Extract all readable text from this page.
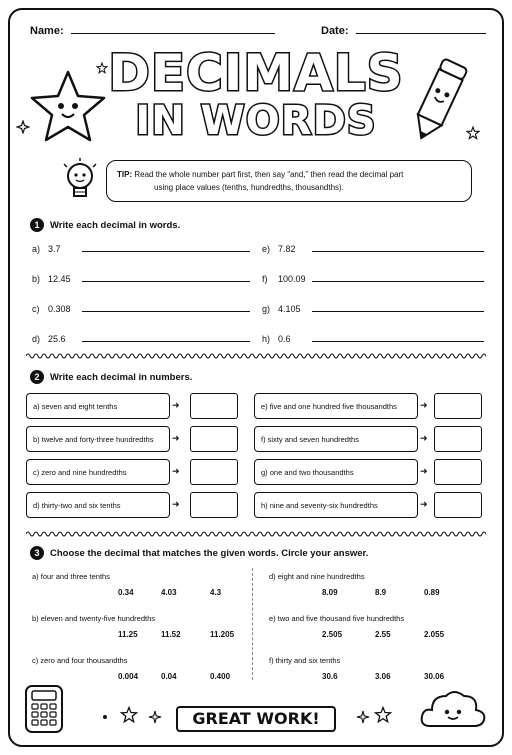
Name:	Date:
DECIMALS
IN WORDS
TIP: Read the whole number part first, then say “and,” then read the decimal part
using place values (tenths, hundredths, thousandths).
1	Write each decimal in words.
a) 3.7
b) 12.45
c) 0.308
d) 25.6
e) 7.82
f)	100.09
g) 4.105
h) 0.6
2	Write each decimal in numbers.
a) seven and eight tenths	➜
b) twelve and forty-three hundredths	➜
c) zero and nine hundredths	➜
d) thirty-two and six tenths	➜
e) five and one hundred five thousandths	➜
f) sixty and seven hundredths	➜
g) one and two thousandths	➜
h) nine and seventy-six hundredths	➜
3	Choose the decimal that matches the given words. Circle your answer.
a) four and three tenths
0.34	4.03	4.3
b) eleven and twenty-five hundredths
11.25	11.52	11.205
c) zero and four thousandths
0.004	0.04	0.400
d) eight and nine hundredths
8.09	8.9	0.89
e) two and five thousand five hundredths
2.505	2.55	2.055
f) thirty and six tenths
30.6	3.06	30.06
GREAT WORK!
